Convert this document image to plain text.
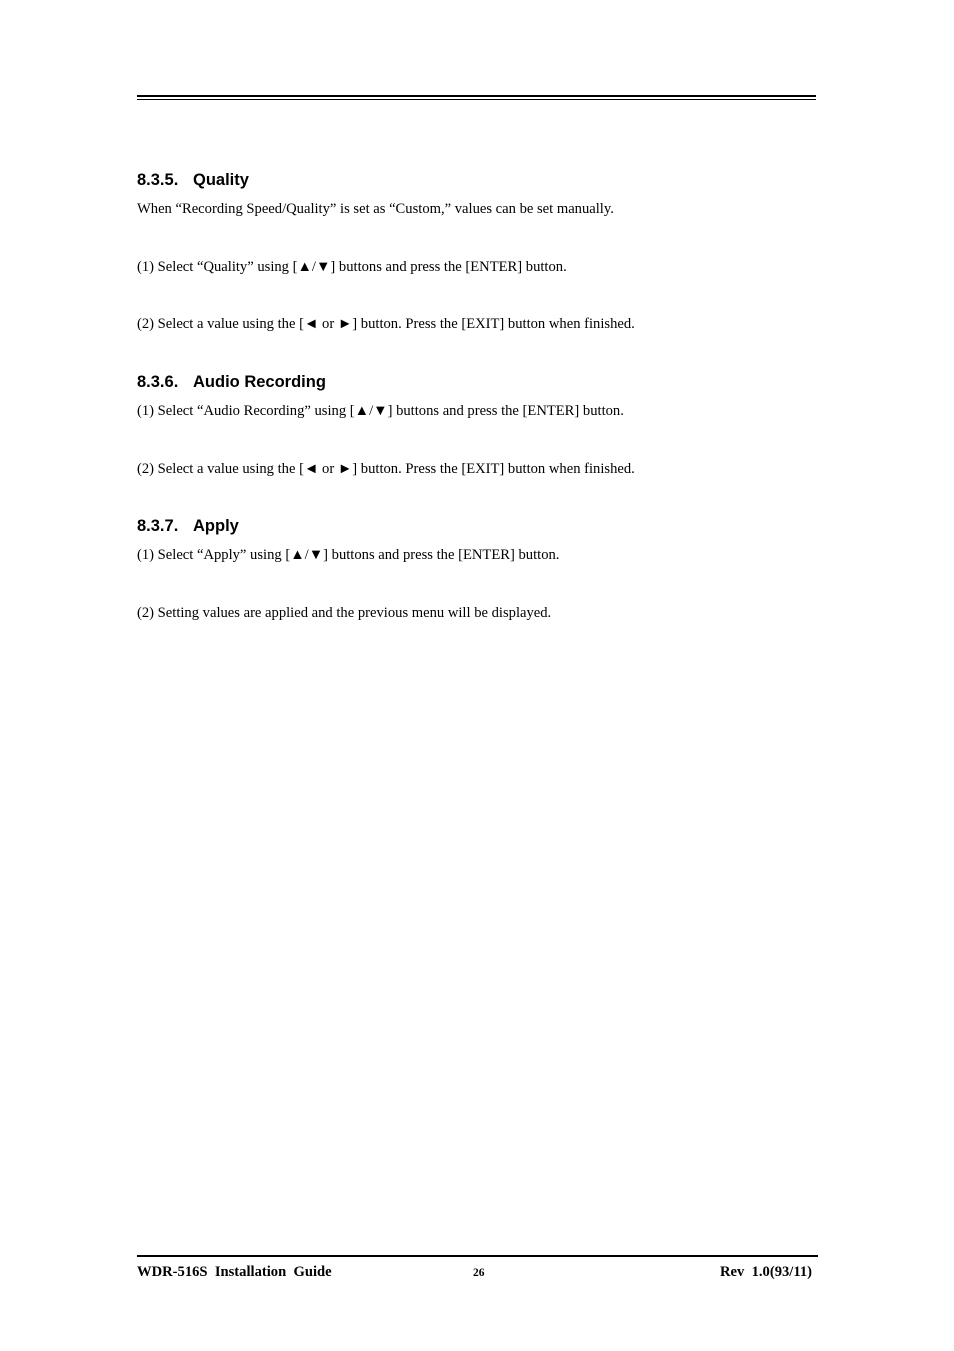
8.3.5. Quality
When “Recording Speed/Quality” is set as “Custom,” values can be set manually.
(1) Select “Quality” using [▲/▼] buttons and press the [ENTER] button.
(2) Select a value using the [◄ or ►] button. Press the [EXIT] button when finished.
8.3.6. Audio Recording
(1) Select “Audio Recording” using [▲/▼] buttons and press the [ENTER] button.
(2) Select a value using the [◄ or ►] button. Press the [EXIT] button when finished.
8.3.7. Apply
(1) Select “Apply” using [▲/▼] buttons and press the [ENTER] button.
(2) Setting values are applied and the previous menu will be displayed.
WDR-516S  Installation  Guide	26	Rev  1.0(93/11)
